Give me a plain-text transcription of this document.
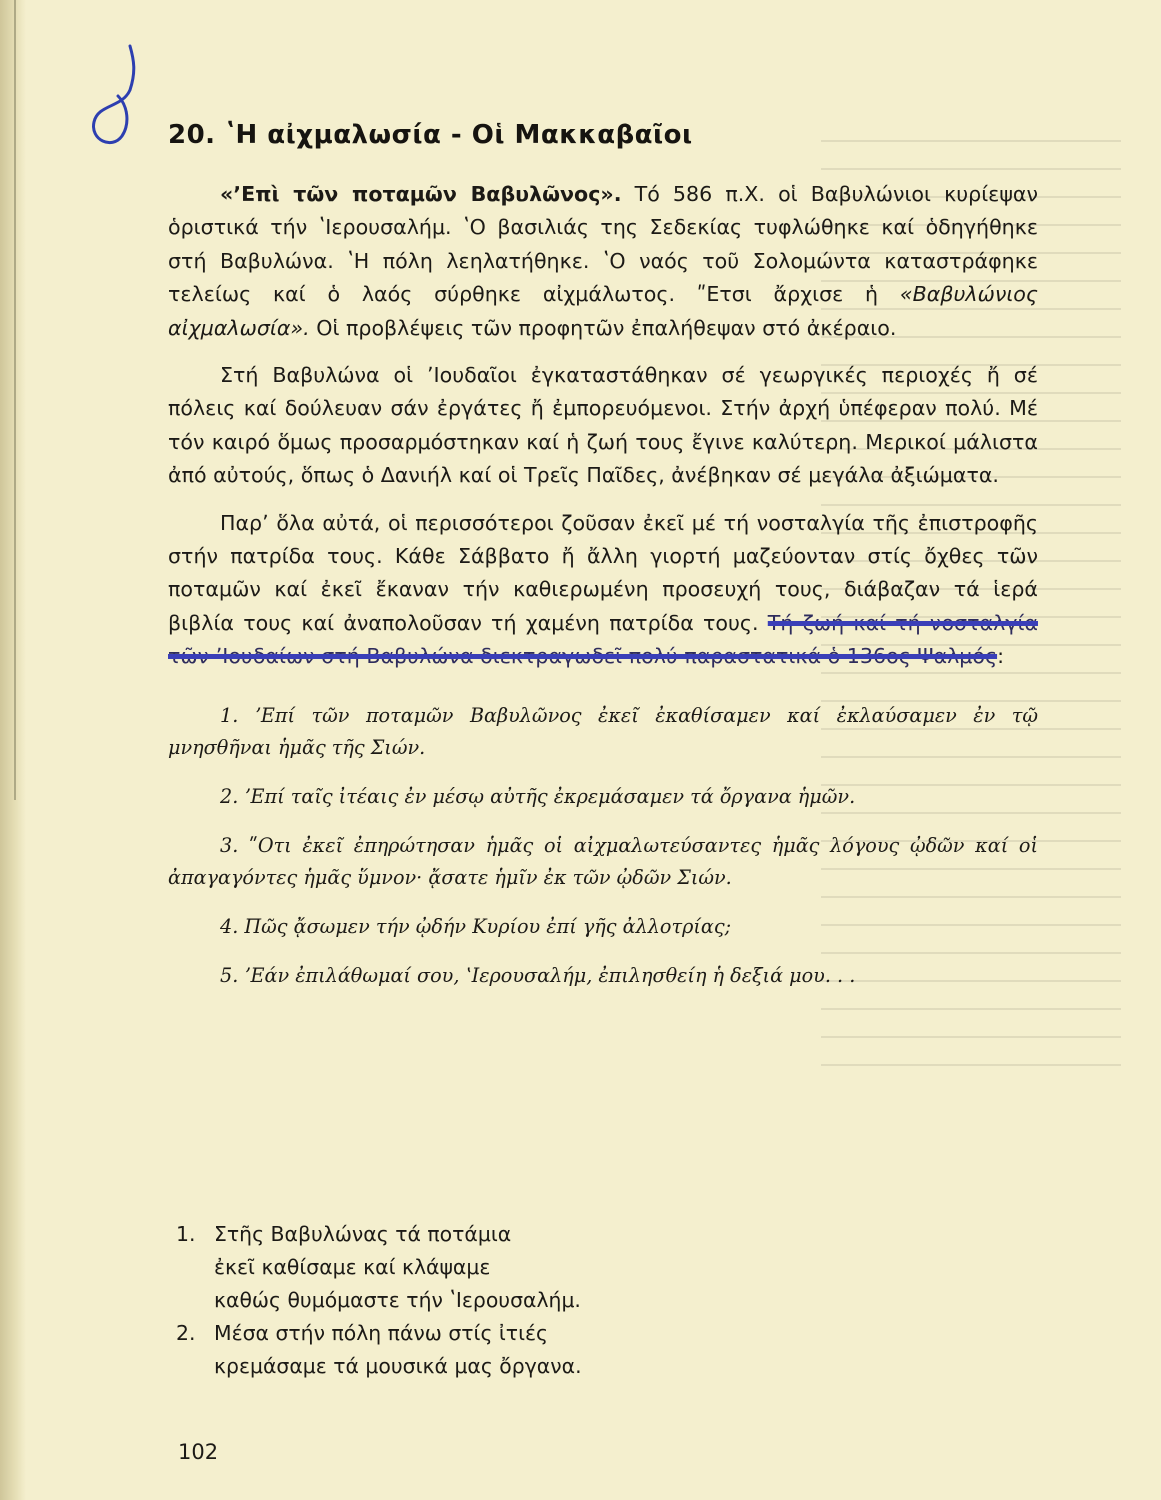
20. ʽΗ αἰχμαλωσία - Οἱ Μακκαβαῖοι

«ʼΕπὶ τῶν ποταμῶν Βαβυλῶνος». Τό 586 π.Χ. οἱ Βαβυλώνιοι κυρίεψαν ὁριστικά τήν ʽΙερουσαλήμ. ʽΟ βασιλιάς της Σεδεκίας τυφλώθηκε καί ὁδηγήθηκε στή Βαβυλώνα. ʽΗ πόλη λεηλατήθηκε. ʽΟ ναός τοῦ Σολομώντα καταστράφηκε τελείως καί ὁ λαός σύρθηκε αἰχμάλωτος. ʺΕτσι ἄρχισε ἡ «Βαβυλώνιος αἰχμαλωσία». Οἱ προβλέψεις τῶν προφητῶν ἐπαλήθεψαν στό ἀκέραιο.

Στή Βαβυλώνα οἱ ʼΙουδαῖοι ἐγκαταστάθηκαν σέ γεωργικές περιοχές ἤ σέ πόλεις καί δούλευαν σάν ἐργάτες ἤ ἐμπορευόμενοι. Στήν ἀρχή ὑπέφεραν πολύ. Μέ τόν καιρό ὅμως προσαρμόστηκαν καί ἡ ζωή τους ἔγινε καλύτερη. Μερικοί μάλιστα ἀπό αὐτούς, ὅπως ὁ Δανιήλ καί οἱ Τρεῖς Παῖδες, ἀνέβηκαν σέ μεγάλα ἀξιώματα.

Παρʼ ὅλα αὐτά, οἱ περισσότεροι ζοῦσαν ἐκεῖ μέ τή νοσταλγία τῆς ἐπιστροφῆς στήν πατρίδα τους. Κάθε Σάββατο ἤ ἄλλη γιορτή μαζεύονταν στίς ὄχθες τῶν ποταμῶν καί ἐκεῖ ἔκαναν τήν καθιερωμένη προσευχή τους, διάβαζαν τά ἱερά βιβλία τους καί ἀναπολοῦσαν τή χαμένη πατρίδα τους. Τή ζωή καί τή νοσταλγία τῶν ʼΙουδαίων στή Βαβυλώνα διεκτραγωδεῖ πολύ παραστατικά ὁ 136ος Ψαλμός:

1. ʼΕπί τῶν ποταμῶν Βαβυλῶνος ἐκεῖ ἐκαθίσαμεν καί ἐκλαύσαμεν ἐν τῷ μνησθῆναι ἡμᾶς τῆς Σιών.

2. ʼΕπί ταῖς ἰτέαις ἐν μέσῳ αὐτῆς ἐκρεμάσαμεν τά ὄργανα ἡμῶν.

3. ʺΟτι ἐκεῖ ἐπηρώτησαν ἡμᾶς οἱ αἰχμαλωτεύσαντες ἡμᾶς λόγους ᾠδῶν καί οἱ ἀπαγαγόντες ἡμᾶς ὕμνον· ᾄσατε ἡμῖν ἐκ τῶν ᾠδῶν Σιών.

4. Πῶς ᾄσωμεν τήν ᾠδήν Κυρίου ἐπί γῆς ἀλλοτρίας;

5. ʼΕάν ἐπιλάθωμαί σου, ʽΙερουσαλήμ, ἐπιλησθείη ἡ δεξιά μου. . .

1. Στῆς Βαβυλώνας τά ποτάμια
ἐκεῖ καθίσαμε καί κλάψαμε
καθώς θυμόμαστε τήν ʽΙερουσαλήμ.
2. Μέσα στήν πόλη πάνω στίς ἰτιές
κρεμάσαμε τά μουσικά μας ὄργανα.
102
